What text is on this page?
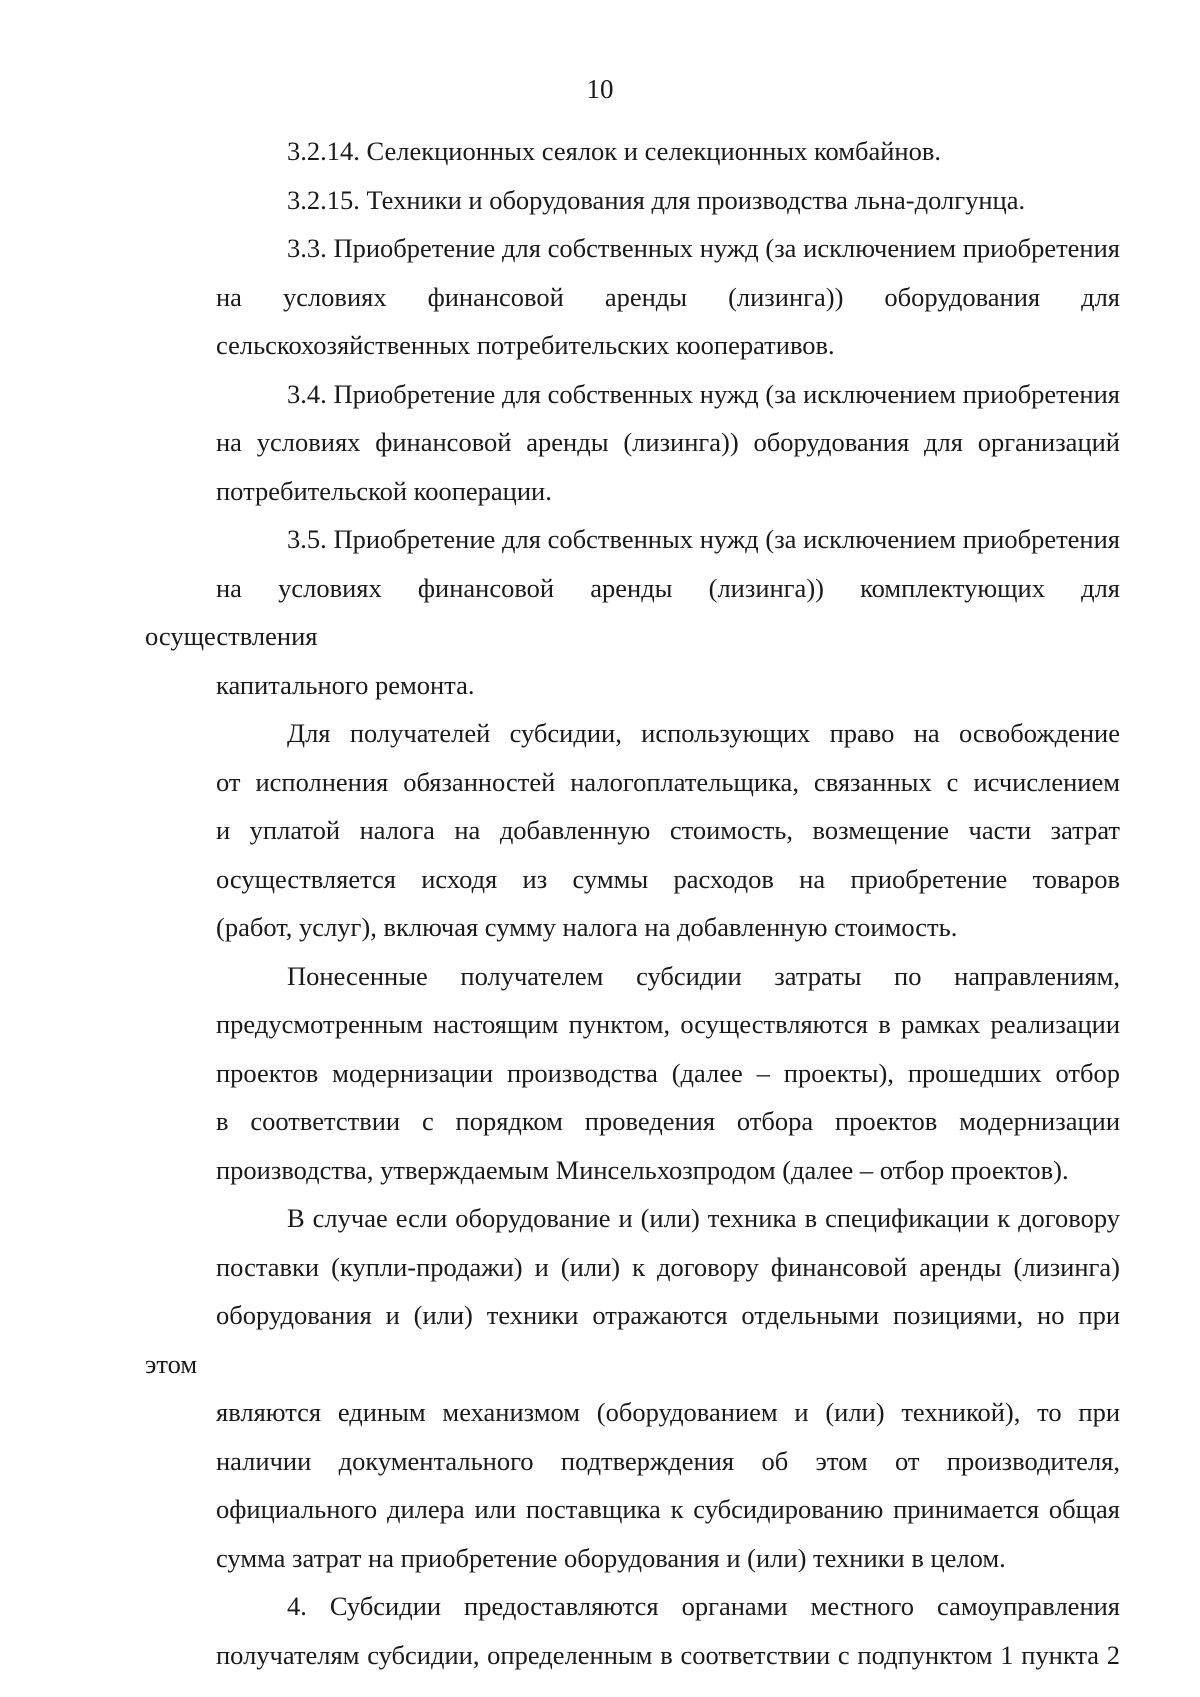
10
3.2.14. Селекционных сеялок и селекционных комбайнов.
3.2.15. Техники и оборудования для производства льна-долгунца.
3.3. Приобретение для собственных нужд (за исключением приобретения
на условиях финансовой аренды (лизинга)) оборудования для
сельскохозяйственных потребительских кооперативов.
3.4. Приобретение для собственных нужд (за исключением приобретения
на условиях финансовой аренды (лизинга)) оборудования для организаций
потребительской кооперации.
3.5. Приобретение для собственных нужд (за исключением приобретения
на условиях финансовой аренды (лизинга)) комплектующих для осуществления
капитального ремонта.
Для получателей субсидии, использующих право на освобождение
от исполнения обязанностей налогоплательщика, связанных с исчислением
и уплатой налога на добавленную стоимость, возмещение части затрат
осуществляется исходя из суммы расходов на приобретение товаров
(работ, услуг), включая сумму налога на добавленную стоимость.
Понесенные получателем субсидии затраты по направлениям,
предусмотренным настоящим пунктом, осуществляются в рамках реализации
проектов модернизации производства (далее – проекты), прошедших отбор
в соответствии с порядком проведения отбора проектов модернизации
производства, утверждаемым Минсельхозпродом (далее – отбор проектов).
В случае если оборудование и (или) техника в спецификации к договору
поставки (купли-продажи) и (или) к договору финансовой аренды (лизинга)
оборудования и (или) техники отражаются отдельными позициями, но при этом
являются единым механизмом (оборудованием и (или) техникой), то при
наличии документального подтверждения об этом от производителя,
официального дилера или поставщика к субсидированию принимается общая
сумма затрат на приобретение оборудования и (или) техники в целом.
4. Субсидии предоставляются органами местного самоуправления
получателям субсидии, определенным в соответствии с подпунктом 1 пункта 2
